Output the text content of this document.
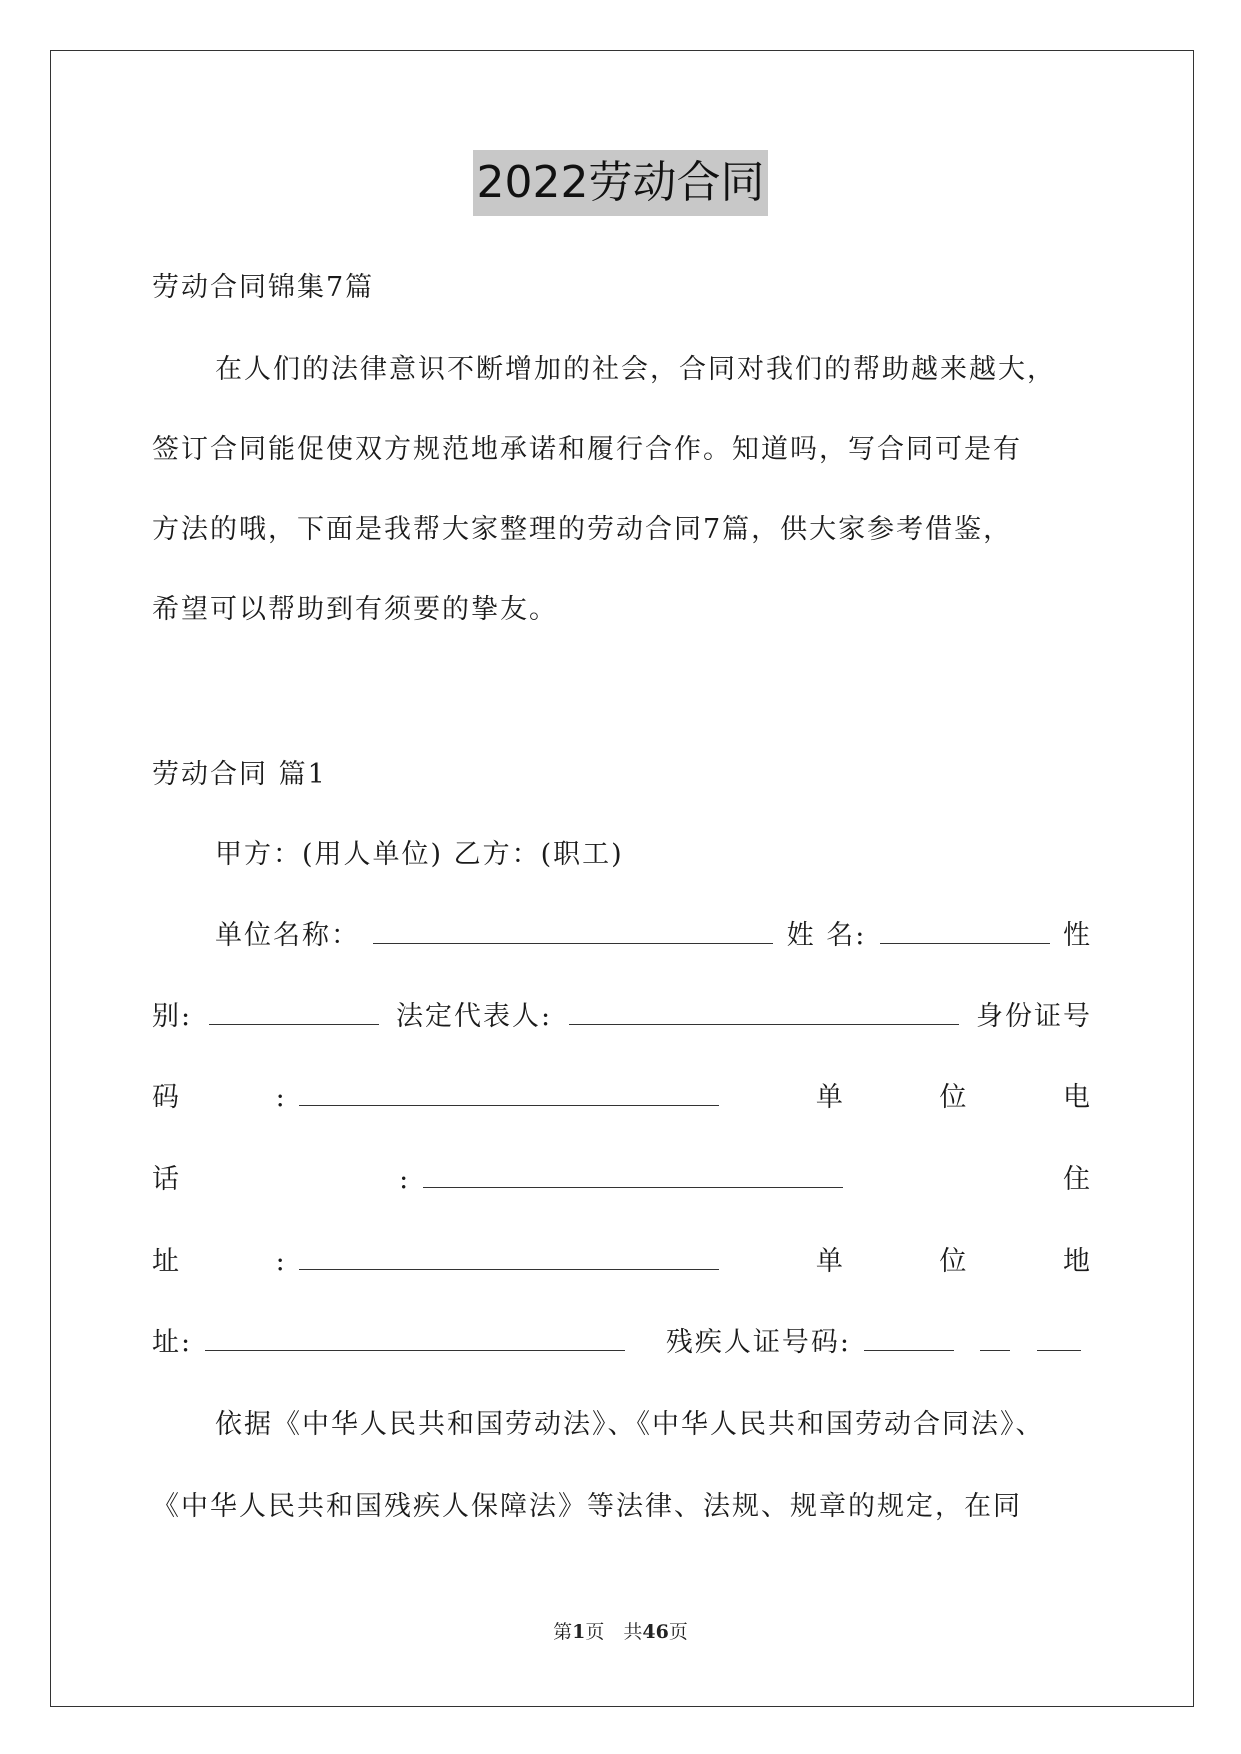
2022劳动合同
劳动合同锦集7篇
在人们的法律意识不断增加的社会，合同对我们的帮助越来越大，
签订合同能促使双方规范地承诺和履行合作。知道吗，写合同可是有
方法的哦，下面是我帮大家整理的劳动合同7篇，供大家参考借鉴，
希望可以帮助到有须要的挚友。
劳动合同 篇1
甲方：(用人单位) 乙方：(职工)
单位名称：	姓 名:	性
别:	法定代表人:	身份证号
码	:	单	位	电
话	:	住
址	:	单	位	地
址:	残疾人证号码:
依据《中华人民共和国劳动法》、《中华人民共和国劳动合同法》、
《中华人民共和国残疾人保障法》等法律、法规、规章的规定，在同
第1页　共46页
